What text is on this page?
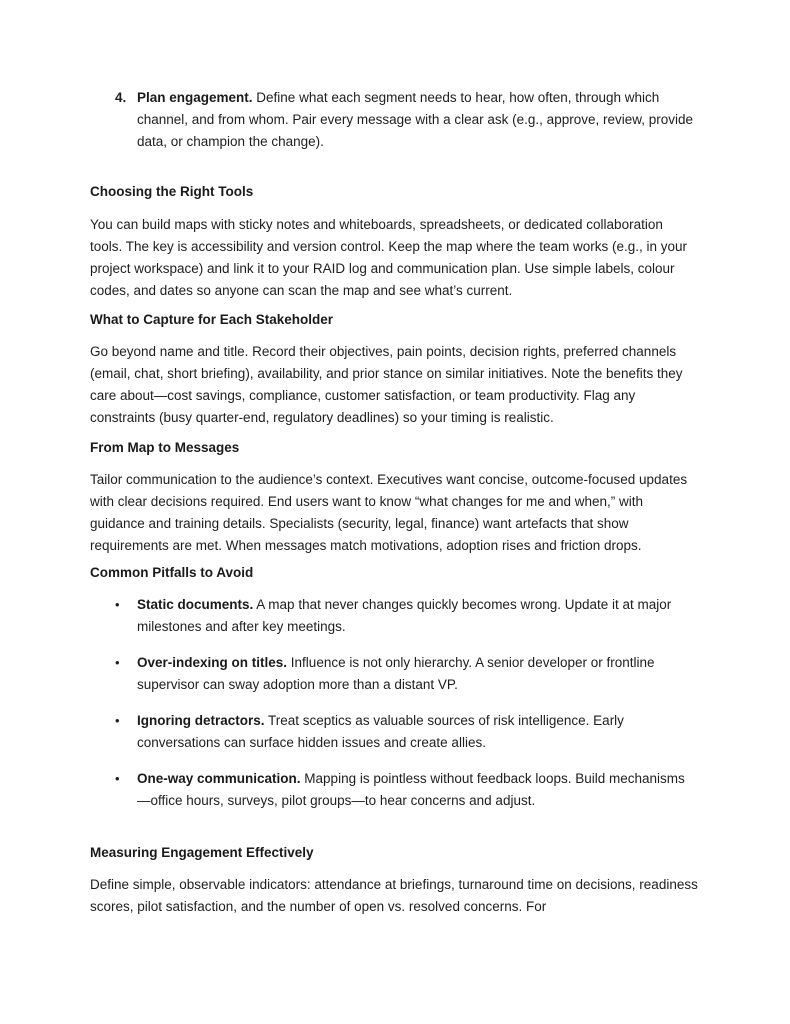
4. Plan engagement. Define what each segment needs to hear, how often, through which channel, and from whom. Pair every message with a clear ask (e.g., approve, review, provide data, or champion the change).

Choosing the Right Tools

You can build maps with sticky notes and whiteboards, spreadsheets, or dedicated collaboration tools. The key is accessibility and version control. Keep the map where the team works (e.g., in your project workspace) and link it to your RAID log and communication plan. Use simple labels, colour codes, and dates so anyone can scan the map and see what’s current.

What to Capture for Each Stakeholder

Go beyond name and title. Record their objectives, pain points, decision rights, preferred channels (email, chat, short briefing), availability, and prior stance on similar initiatives. Note the benefits they care about—cost savings, compliance, customer satisfaction, or team productivity. Flag any constraints (busy quarter-end, regulatory deadlines) so your timing is realistic.

From Map to Messages

Tailor communication to the audience’s context. Executives want concise, outcome-focused updates with clear decisions required. End users want to know “what changes for me and when,” with guidance and training details. Specialists (security, legal, finance) want artefacts that show requirements are met. When messages match motivations, adoption rises and friction drops.

Common Pitfalls to Avoid
•	Static documents. A map that never changes quickly becomes wrong. Update it at major milestones and after key meetings.

•	Over-indexing on titles. Influence is not only hierarchy. A senior developer or frontline supervisor can sway adoption more than a distant VP.

•	Ignoring detractors. Treat sceptics as valuable sources of risk intelligence. Early conversations can surface hidden issues and create allies.

•	One-way communication. Mapping is pointless without feedback loops. Build mechanisms—office hours, surveys, pilot groups—to hear concerns and adjust.

Measuring Engagement Effectively

Define simple, observable indicators: attendance at briefings, turnaround time on decisions, readiness scores, pilot satisfaction, and the number of open vs. resolved concerns. For
